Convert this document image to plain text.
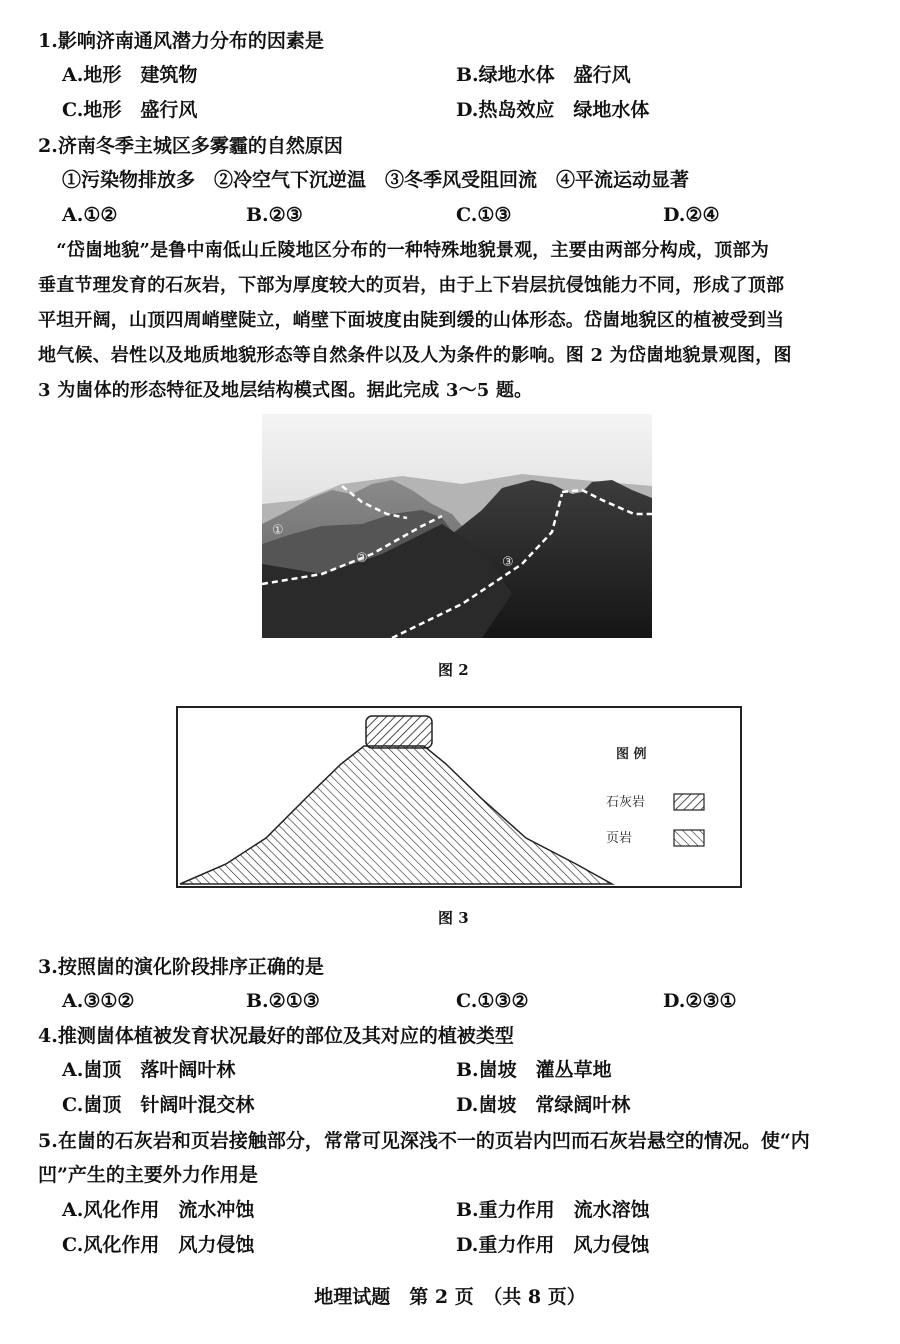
1.影响济南通风潜力分布的因素是
A.地形　建筑物	B.绿地水体　盛行风
C.地形　盛行风	D.热岛效应　绿地水体
2.济南冬季主城区多雾霾的自然原因
①污染物排放多　②冷空气下沉逆温　③冬季风受阻回流　④平流运动显著
A.①②	B.②③	C.①③	D.②④
　“岱崮地貌”是鲁中南低山丘陵地区分布的一种特殊地貌景观，主要由两部分构成，顶部为
垂直节理发育的石灰岩，下部为厚度较大的页岩，由于上下岩层抗侵蚀能力不同，形成了顶部
平坦开阔，山顶四周峭壁陡立，峭壁下面坡度由陡到缓的山体形态。岱崮地貌区的植被受到当
地气候、岩性以及地质地貌形态等自然条件以及人为条件的影响。图 2 为岱崮地貌景观图，图
3 为崮体的形态特征及地层结构模式图。据此完成 3～5 题。
①
②	③
图 2
图 例
石灰岩
页岩
图 3
3.按照崮的演化阶段排序正确的是
A.③①②	B.②①③	C.①③②	D.②③①
4.推测崮体植被发育状况最好的部位及其对应的植被类型
A.崮顶　落叶阔叶林	B.崮坡　灌丛草地
C.崮顶　针阔叶混交林	D.崮坡　常绿阔叶林
5.在崮的石灰岩和页岩接触部分，常常可见深浅不一的页岩内凹而石灰岩悬空的情况。使“内
凹”产生的主要外力作用是
A.风化作用　流水冲蚀	B.重力作用　流水溶蚀
C.风化作用　风力侵蚀	D.重力作用　风力侵蚀
地理试题　第 2 页　（共 8 页）
